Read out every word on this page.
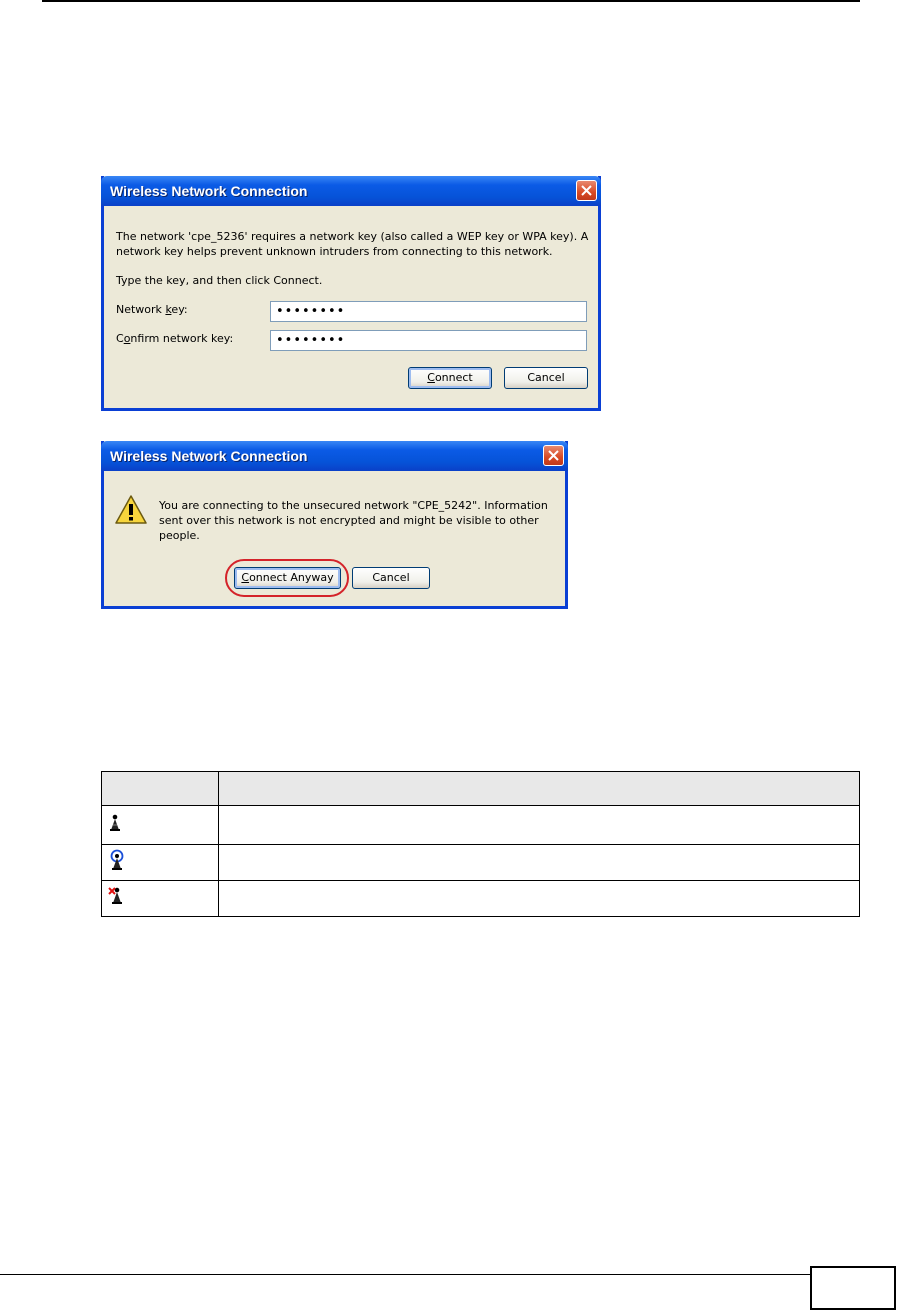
Wireless Network Connection

The network 'cpe_5236' requires a network key (also called a WEP key or WPA key). A

network key helps prevent unknown intruders from connecting to this network.

Type the key, and then click Connect.

Network key:	••••••••

Confirm network key:	••••••••
Connect	Cancel
Wireless Network Connection

You are connecting to the unsecured network "CPE_5242". Information

sent over this network is not encrypted and might be visible to other

people.

Connect Anyway	Cancel
